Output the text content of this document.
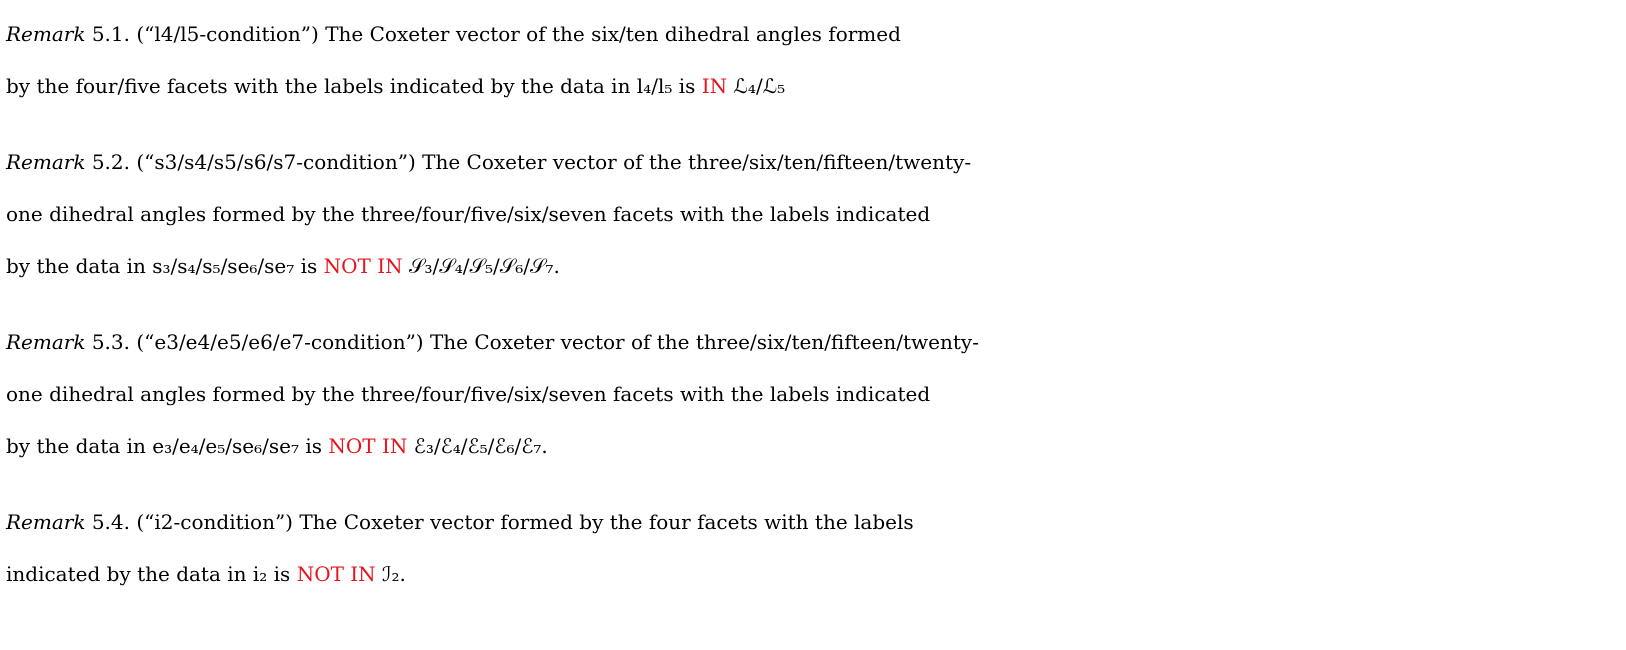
Remark 5.1. (“l4/l5-condition”) The Coxeter vector of the six/ten dihedral angles formed
by the four/five facets with the labels indicated by the data in l₄/l₅ is IN ℒ₄/ℒ₅
Remark 5.2. (“s3/s4/s5/s6/s7-condition”) The Coxeter vector of the three/six/ten/fifteen/twenty-
one dihedral angles formed by the three/four/five/six/seven facets with the labels indicated
by the data in s₃/s₄/s₅/se₆/se₇ is NOT IN 𝒮₃/𝒮₄/𝒮₅/𝒮₆/𝒮₇.
Remark 5.3. (“e3/e4/e5/e6/e7-condition”) The Coxeter vector of the three/six/ten/fifteen/twenty-
one dihedral angles formed by the three/four/five/six/seven facets with the labels indicated
by the data in e₃/e₄/e₅/se₆/se₇ is NOT IN ℰ₃/ℰ₄/ℰ₅/ℰ₆/ℰ₇.
Remark 5.4. (“i2-condition”) The Coxeter vector formed by the four facets with the labels
indicated by the data in i₂ is NOT IN ℐ₂.
